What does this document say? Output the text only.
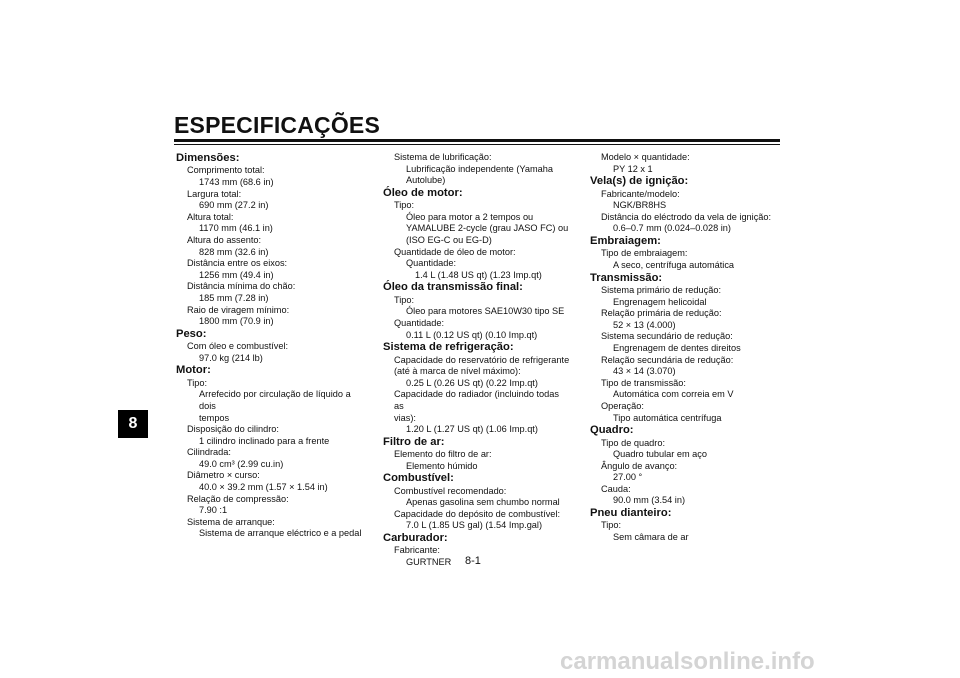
ESPECIFICAÇÕES
8
8-1
Dimensões:
Comprimento total:
1743 mm (68.6 in)
Largura total:
690 mm (27.2 in)
Altura total:
1170 mm (46.1 in)
Altura do assento:
828 mm (32.6 in)
Distância entre os eixos:
1256 mm (49.4 in)
Distância mínima do chão:
185 mm (7.28 in)
Raio de viragem mínimo:
1800 mm (70.9 in)
Peso:
Com óleo e combustível:
97.0 kg (214 lb)
Motor:
Tipo:
Arrefecido por circulação de líquido a dois
tempos
Disposição do cilindro:
1 cilindro inclinado para a frente
Cilindrada:
49.0 cm³ (2.99 cu.in)
Diâmetro × curso:
40.0 × 39.2 mm (1.57 × 1.54 in)
Relação de compressão:
7.90 :1
Sistema de arranque:
Sistema de arranque eléctrico e a pedal
Sistema de lubrificação:
Lubrificação independente (Yamaha
Autolube)
Óleo de motor:
Tipo:
Óleo para motor a 2 tempos ou
YAMALUBE 2-cycle (grau JASO FC) ou
(ISO EG-C ou EG-D)
Quantidade de óleo de motor:
Quantidade:
1.4 L (1.48 US qt) (1.23 Imp.qt)
Óleo da transmissão final:
Tipo:
Óleo para motores SAE10W30 tipo SE
Quantidade:
0.11 L (0.12 US qt) (0.10 Imp.qt)
Sistema de refrigeração:
Capacidade do reservatório de refrigerante
(até à marca de nível máximo):
0.25 L (0.26 US qt) (0.22 Imp.qt)
Capacidade do radiador (incluindo todas as
vias):
1.20 L (1.27 US qt) (1.06 Imp.qt)
Filtro de ar:
Elemento do filtro de ar:
Elemento húmido
Combustível:
Combustível recomendado:
Apenas gasolina sem chumbo normal
Capacidade do depósito de combustível:
7.0 L (1.85 US gal) (1.54 Imp.gal)
Carburador:
Fabricante:
GURTNER
Modelo × quantidade:
PY 12 x 1
Vela(s) de ignição:
Fabricante/modelo:
NGK/BR8HS
Distância do eléctrodo da vela de ignição:
0.6–0.7 mm (0.024–0.028 in)
Embraiagem:
Tipo de embraiagem:
A seco, centrífuga automática
Transmissão:
Sistema primário de redução:
Engrenagem helicoidal
Relação primária de redução:
52 × 13 (4.000)
Sistema secundário de redução:
Engrenagem de dentes direitos
Relação secundária de redução:
43 × 14 (3.070)
Tipo de transmissão:
Automática com correia em V
Operação:
Tipo automática centrífuga
Quadro:
Tipo de quadro:
Quadro tubular em aço
Ângulo de avanço:
27.00 °
Cauda:
90.0 mm (3.54 in)
Pneu dianteiro:
Tipo:
Sem câmara de ar
carmanualsonline.info
